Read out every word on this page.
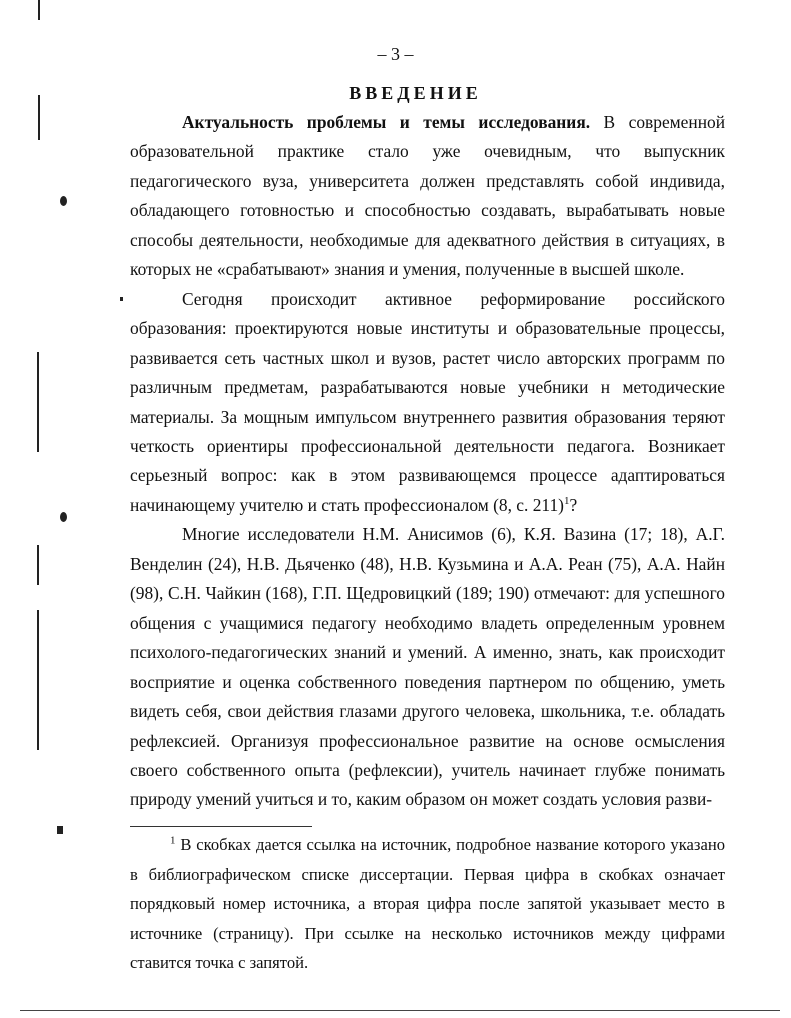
– 3 –
ВВЕДЕНИЕ

Актуальность проблемы и темы исследования. В современной образовательной практике стало уже очевидным, что выпускник педагогического вуза, университета должен представлять собой индивида, обладающего готовностью и способностью создавать, вырабатывать новые способы деятельности, необходимые для адекватного действия в ситуациях, в которых не «срабатывают» знания и умения, полученные в высшей школе.

Сегодня происходит активное реформирование российского образования: проектируются новые институты и образовательные процессы, развивается сеть частных школ и вузов, растет число авторских программ по различным предметам, разрабатываются новые учебники н методические материалы. За мощным импульсом внутреннего развития образования теряют четкость ориентиры профессиональной деятельности педагога. Возникает серьезный вопрос: как в этом развивающемся процессе адаптироваться начинающему учителю и стать профессионалом (8, с. 211)$^1$?

Многие исследователи Н.М. Анисимов (6), К.Я. Вазина (17; 18), А.Г. Венделин (24), Н.В. Дьяченко (48), Н.В. Кузьмина и А.А. Реан (75), А.А. Найн (98), С.Н. Чайкин (168), Г.П. Щедровицкий (189; 190) отмечают: для успешного общения с учащимися педагогу необходимо владеть определенным уровнем психолого-педагогических знаний и умений. А именно, знать, как происходит восприятие и оценка собственного поведения партнером по общению, уметь видеть себя, свои действия глазами другого человека, школьника, т.е. обладать рефлексией. Организуя профессиональное развитие на основе осмысления своего собственного опыта (рефлексии), учитель начинает глубже понимать природу умений учиться и то, каким образом он может создать условия разви-

$^1$ В скобках дается ссылка на источник, подробное название которого указано в библиографическом списке диссертации. Первая цифра в скобках означает порядковый номер источника, а вторая цифра после запятой указывает место в источнике (страницу). При ссылке на несколько источников между цифрами ставится точка с запятой.
